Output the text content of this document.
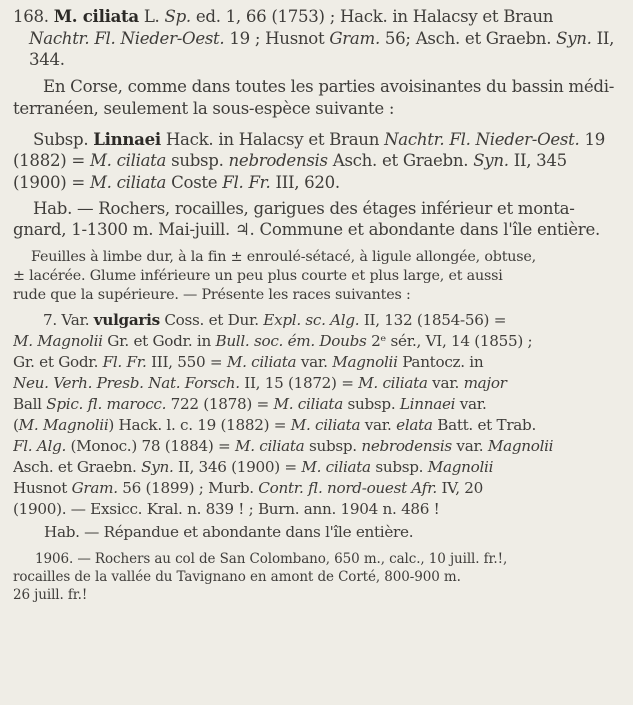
168. M. ciliata L. Sp. ed. 1, 66 (1753) ; Hack. in Halacsy et Braun
Nachtr. Fl. Nieder-Oest. 19 ; Husnot Gram. 56; Asch. et Graebn. Syn. II,
344.
En Corse, comme dans toutes les parties avoisinantes du bassin médi-
terranéen, seulement la sous-espèce suivante :
Subsp. Linnaei Hack. in Halacsy et Braun Nachtr. Fl. Nieder-Oest. 19
(1882) = M. ciliata subsp. nebrodensis Asch. et Graebn. Syn. II, 345
(1900) = M. ciliata Coste Fl. Fr. III, 620.
Hab. — Rochers, rocailles, garigues des étages inférieur et monta-
gnard, 1-1300 m. Mai-juill. ♃. Commune et abondante dans l'île entière.
Feuilles à limbe dur, à la fin ± enroulé-sétacé, à ligule allongée, obtuse,
± lacérée. Glume inférieure un peu plus courte et plus large, et aussi
rude que la supérieure. — Présente les races suivantes :
7. Var. vulgaris Coss. et Dur. Expl. sc. Alg. II, 132 (1854-56) =
M. Magnolii Gr. et Godr. in Bull. soc. ém. Doubs 2ᵉ sér., VI, 14 (1855) ;
Gr. et Godr. Fl. Fr. III, 550 = M. ciliata var. Magnolii Pantocz. in
Neu. Verh. Presb. Nat. Forsch. II, 15 (1872) = M. ciliata var. major
Ball Spic. fl. marocc. 722 (1878) = M. ciliata subsp. Linnaei var.
(M. Magnolii) Hack. l. c. 19 (1882) = M. ciliata var. elata Batt. et Trab.
Fl. Alg. (Monoc.) 78 (1884) = M. ciliata subsp. nebrodensis var. Magnolii
Asch. et Graebn. Syn. II, 346 (1900) = M. ciliata subsp. Magnolii
Husnot Gram. 56 (1899) ; Murb. Contr. fl. nord-ouest Afr. IV, 20
(1900). — Exsicc. Kral. n. 839 ! ; Burn. ann. 1904 n. 486 !
Hab. — Répandue et abondante dans l'île entière.
1906. — Rochers au col de San Colombano, 650 m., calc., 10 juill. fr.!,
rocailles de la vallée du Tavignano en amont de Corté, 800-900 m.
26 juill. fr.!
